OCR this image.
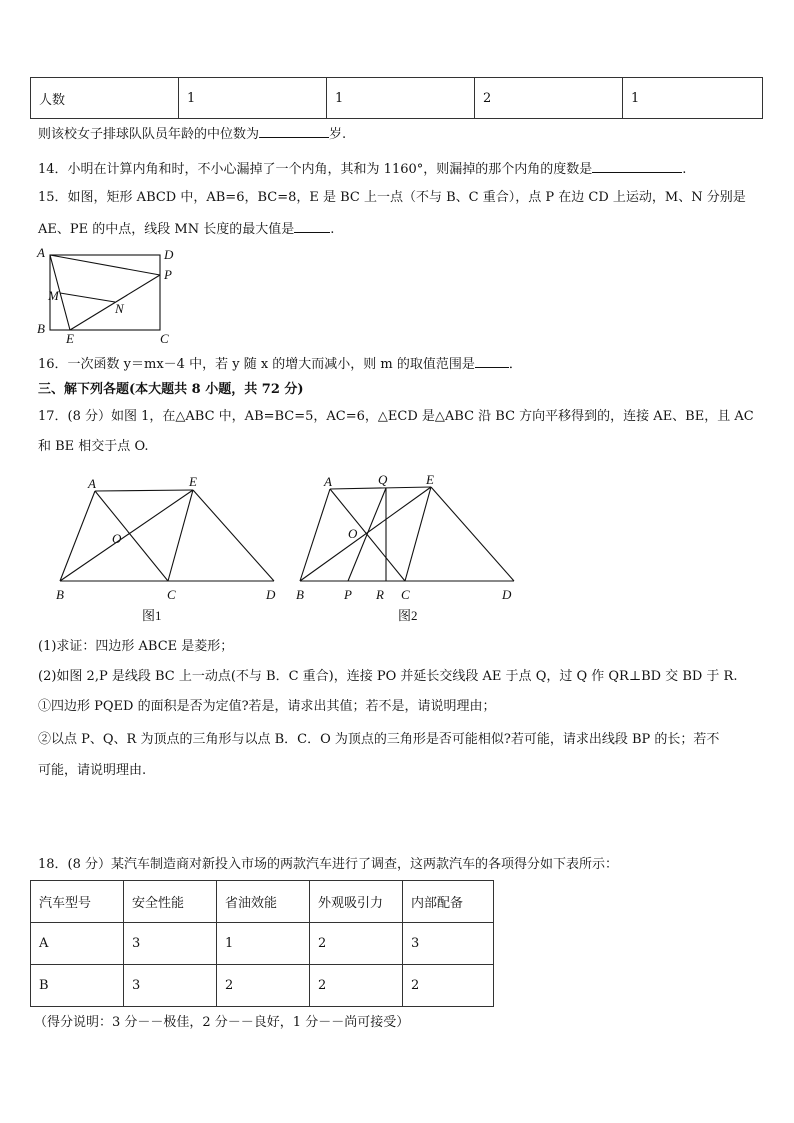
人数	1	1	2	1
则该校女子排球队队员年龄的中位数为	岁.
14．小明在计算内角和时，不小心漏掉了一个内角，其和为 1160°，则漏掉的那个内角的度数是	.
15．如图，矩形 ABCD 中，AB=6，BC=8，E 是 BC 上一点（不与 B、C 重合），点 P 在边 CD 上运动，M、N 分别是
AE、PE 的中点，线段 MN 长度的最大值是	.
A	D
P
M
N
B
E	C
16．一次函数 y＝mx－4 中，若 y 随 x 的增大而减小，则 m 的取值范围是	．
三、解下列各题(本大题共 8 小题，共 72 分)
17．(8 分）如图 1，在△ABC 中，AB=BC=5，AC=6，△ECD 是△ABC 沿 BC 方向平移得到的，连接 AE、BE，且 AC
和 BE 相交于点 O.
A	E
O
B	C	D
图1
A	Q	E
O
B	P R C	D
图2
(1)求证：四边形 ABCE 是菱形；
(2)如图 2,P 是线段 BC 上一动点(不与 B．C 重合)，连接 PO 并延长交线段 AE 于点 Q，过 Q 作 QR⊥BD 交 BD 于 R.
①四边形 PQED 的面积是否为定值?若是，请求出其值；若不是，请说明理由；
②以点 P、Q、R 为顶点的三角形与以点 B．C．O 为顶点的三角形是否可能相似?若可能，请求出线段 BP 的长；若不
可能，请说明理由.
18．(8 分）某汽车制造商对新投入市场的两款汽车进行了调查，这两款汽车的各项得分如下表所示：
汽车型号	安全性能	省油效能	外观吸引力	内部配备
A	3	1	2	3
B	3	2	2	2
（得分说明：3 分－－极佳，2 分－－良好，1 分－－尚可接受）
